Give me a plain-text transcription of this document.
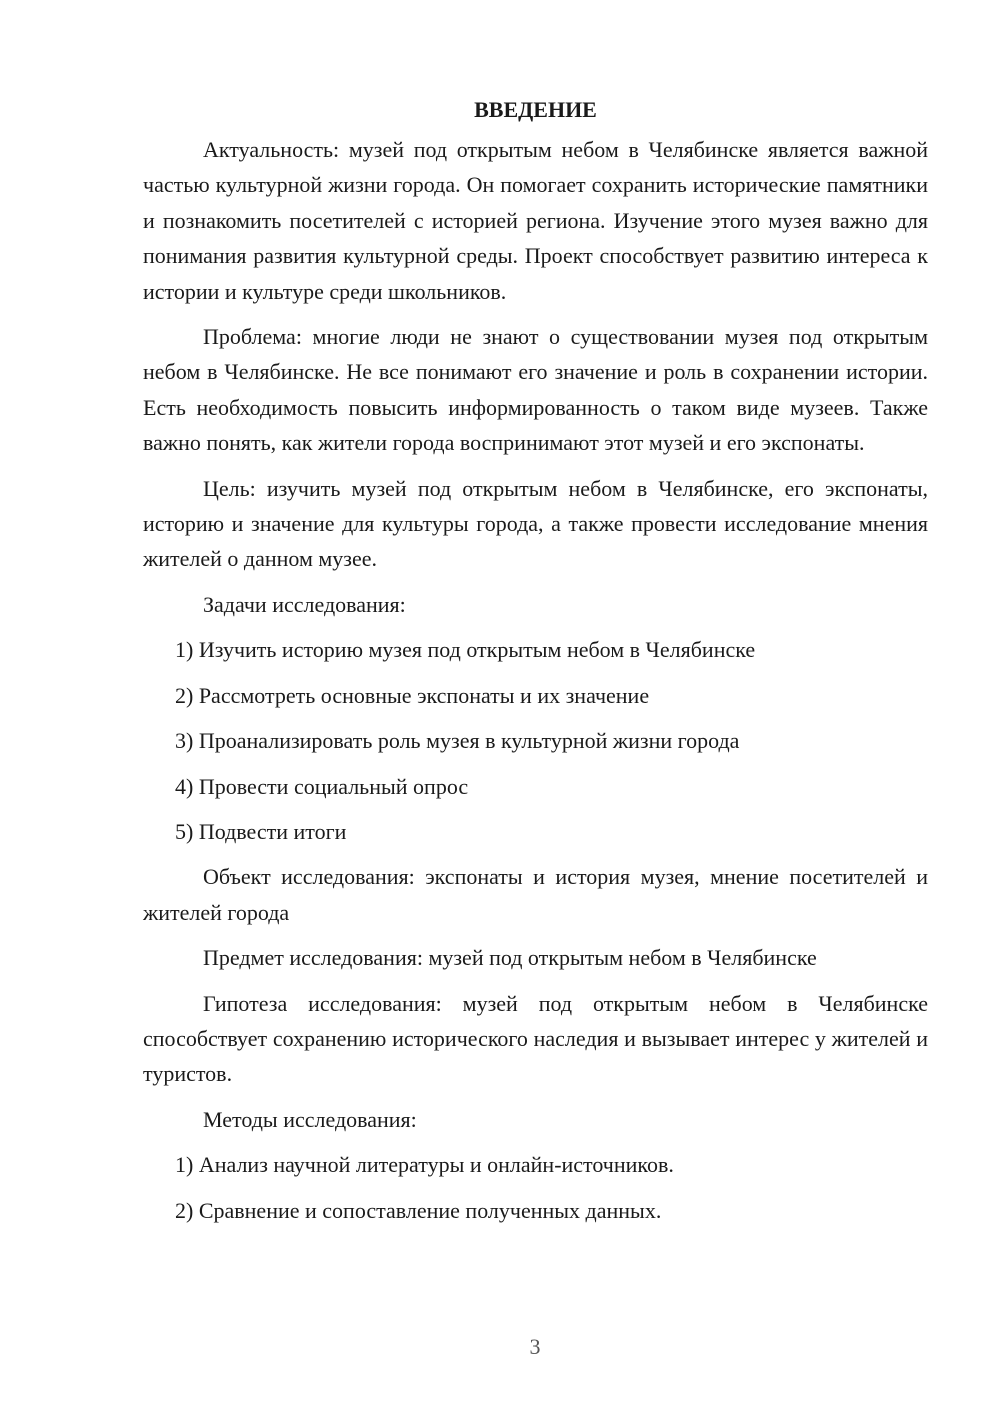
ВВЕДЕНИЕ

Актуальность: музей под открытым небом в Челябинске является важной частью культурной жизни города. Он помогает сохранить исторические памятники и познакомить посетителей с историей региона. Изучение этого музея важно для понимания развития культурной среды. Проект способствует развитию интереса к истории и культуре среди школьников.

Проблема: многие люди не знают о существовании музея под открытым небом в Челябинске. Не все понимают его значение и роль в сохранении истории. Есть необходимость повысить информированность о таком виде музеев. Также важно понять, как жители города воспринимают этот музей и его экспонаты.

Цель: изучить музей под открытым небом в Челябинске, его экспонаты, историю и значение для культуры города, а также провести исследование мнения жителей о данном музее.

Задачи исследования:

1) Изучить историю музея под открытым небом в Челябинске
2) Рассмотреть основные экспонаты и их значение
3) Проанализировать роль музея в культурной жизни города
4) Провести социальный опрос
5) Подвести итоги

Объект исследования: экспонаты и история музея, мнение посетителей и жителей города

Предмет исследования: музей под открытым небом в Челябинске

Гипотеза исследования: музей под открытым небом в Челябинске способствует сохранению исторического наследия и вызывает интерес у жителей и туристов.

Методы исследования:

1) Анализ научной литературы и онлайн-источников.
2) Сравнение и сопоставление полученных данных.
3
